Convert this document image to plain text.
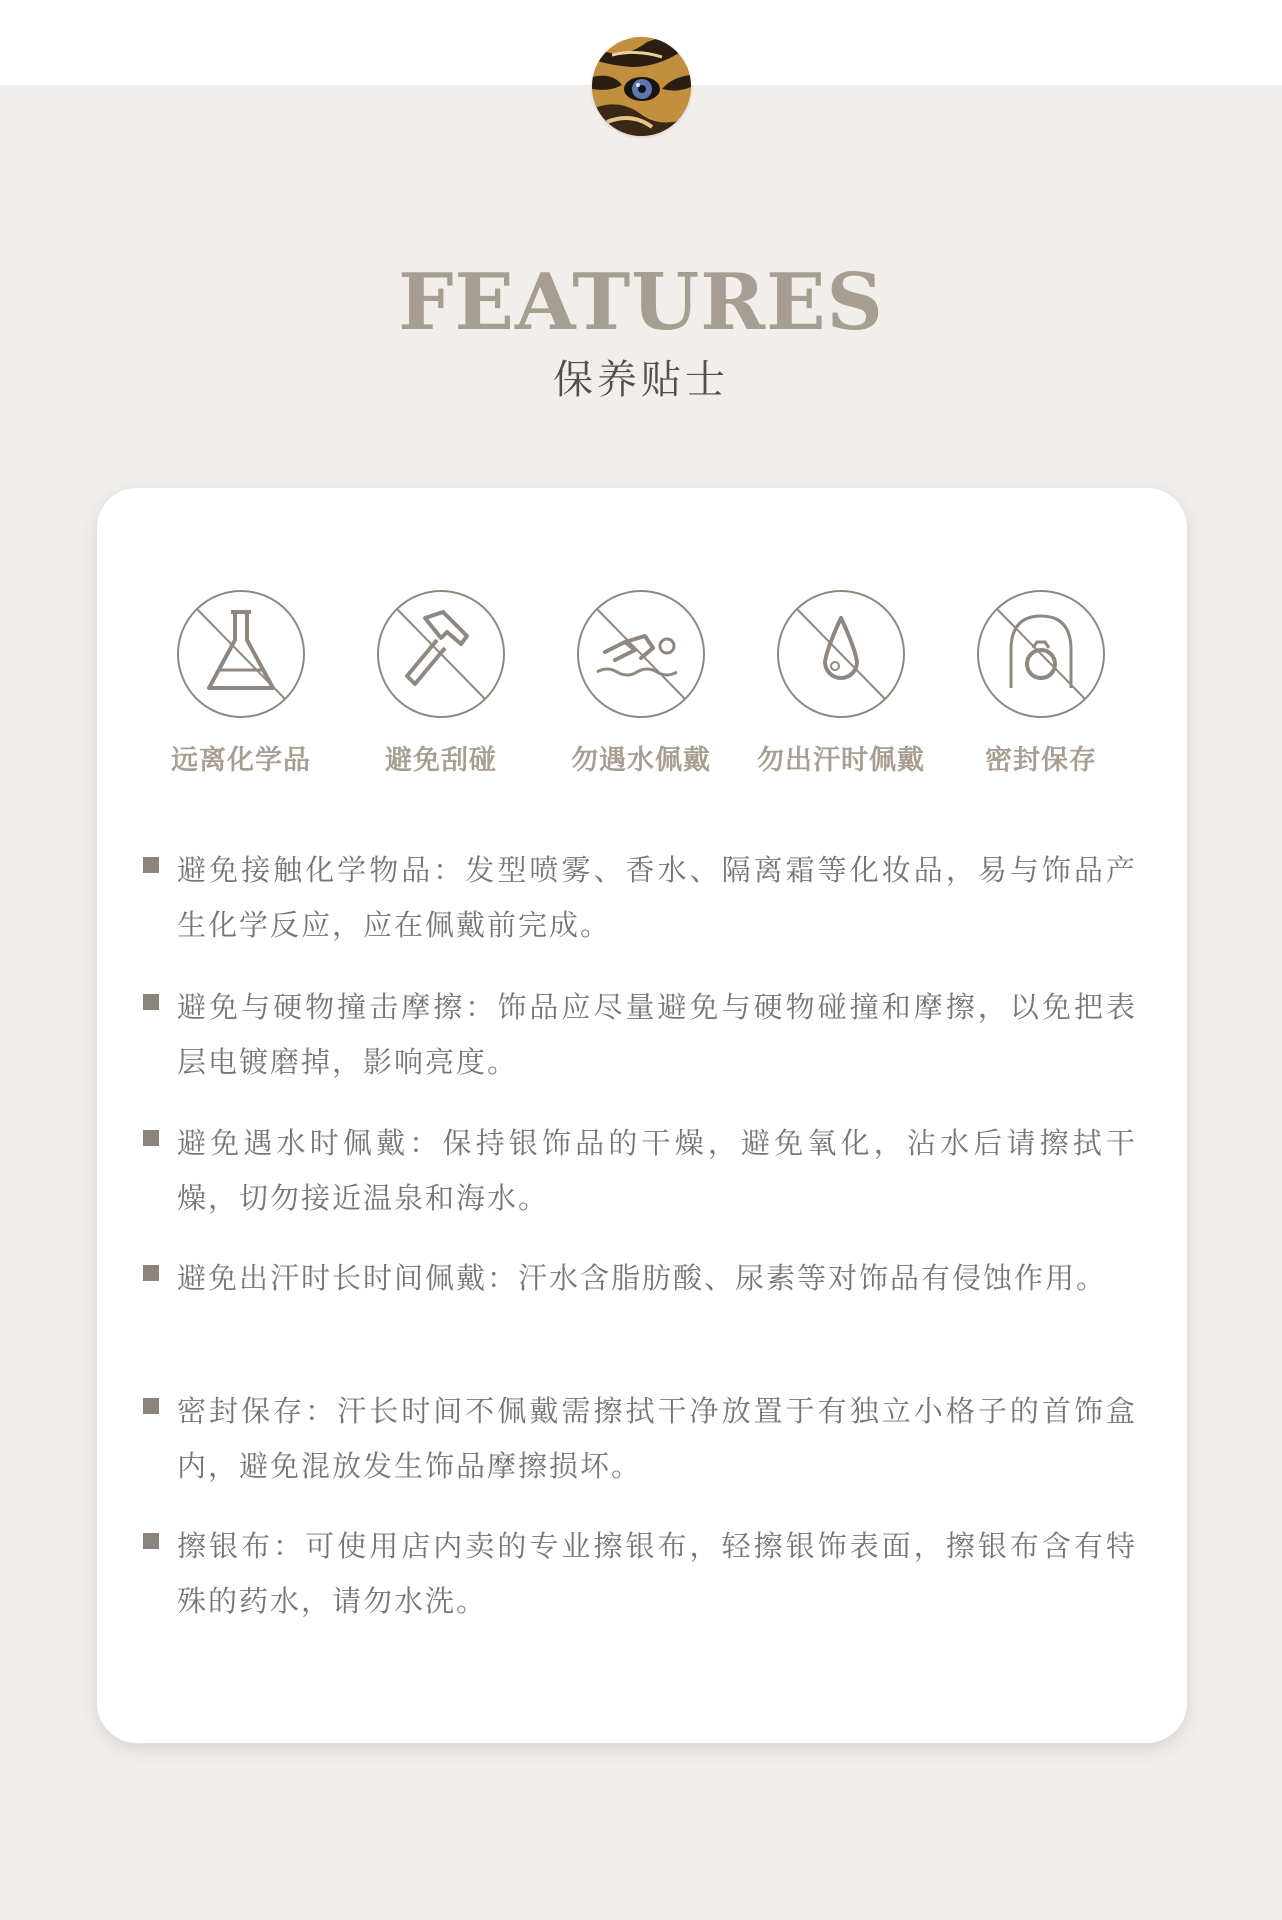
FEATURES
保养贴士
远离化学品	避免刮碰	勿遇水佩戴	勿出汗时佩戴	密封保存
避免接触化学物品：发型喷雾、香水、隔离霜等化妆品，易与饰品产生化学反应，应在佩戴前完成。
避免与硬物撞击摩擦：饰品应尽量避免与硬物碰撞和摩擦，以免把表层电镀磨掉，影响亮度。
避免遇水时佩戴：保持银饰品的干燥，避免氧化，沾水后请擦拭干燥，切勿接近温泉和海水。
避免出汗时长时间佩戴：汗水含脂肪酸、尿素等对饰品有侵蚀作用。
密封保存：汗长时间不佩戴需擦拭干净放置于有独立小格子的首饰盒内，避免混放发生饰品摩擦损坏。
擦银布：可使用店内卖的专业擦银布，轻擦银饰表面，擦银布含有特殊的药水，请勿水洗。
